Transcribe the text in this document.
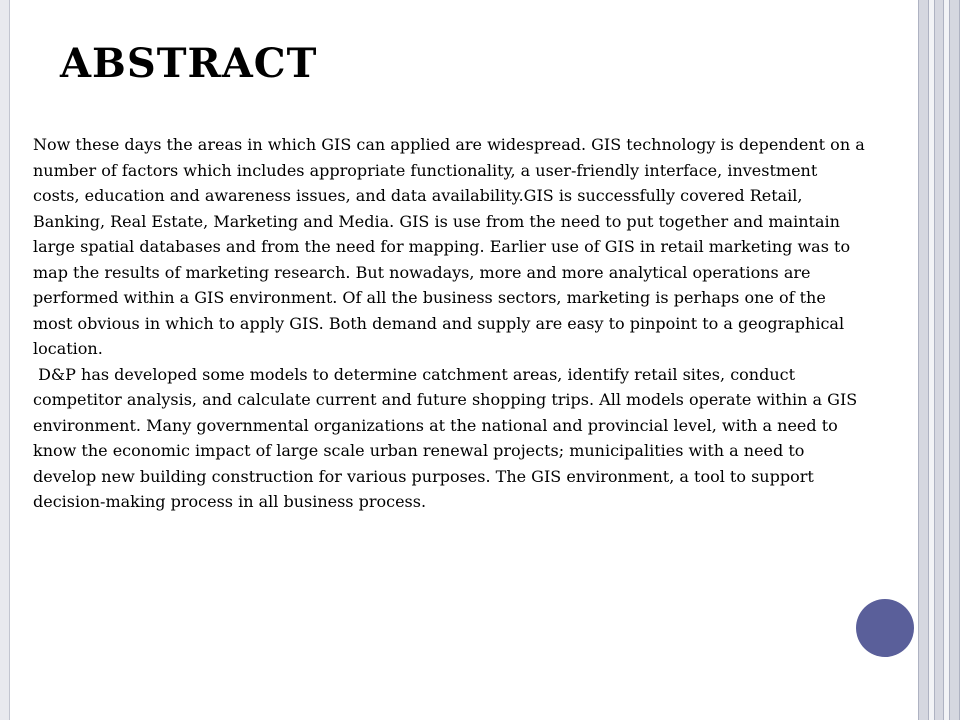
ABSTRACT

Now these days the areas in which GIS can applied are widespread. GIS technology is dependent on a number of factors which includes appropriate functionality, a user-friendly interface, investment costs, education and awareness issues, and data availability.GIS is successfully covered Retail, Banking, Real Estate, Marketing and Media. GIS is use from the need to put together and maintain large spatial databases and from the need for mapping. Earlier use of GIS in retail marketing was to map the results of marketing research. But nowadays, more and more analytical operations are performed within a GIS environment. Of all the business sectors, marketing is perhaps one of the most obvious in which to apply GIS. Both demand and supply are easy to pinpoint to a geographical location.

D&P has developed some models to determine catchment areas, identify retail sites, conduct competitor analysis, and calculate current and future shopping trips. All models operate within a GIS environment. Many governmental organizations at the national and provincial level, with a need to know the economic impact of large scale urban renewal projects; municipalities with a need to develop new building construction for various purposes. The GIS environment, a tool to support decision-making process in all business process.
